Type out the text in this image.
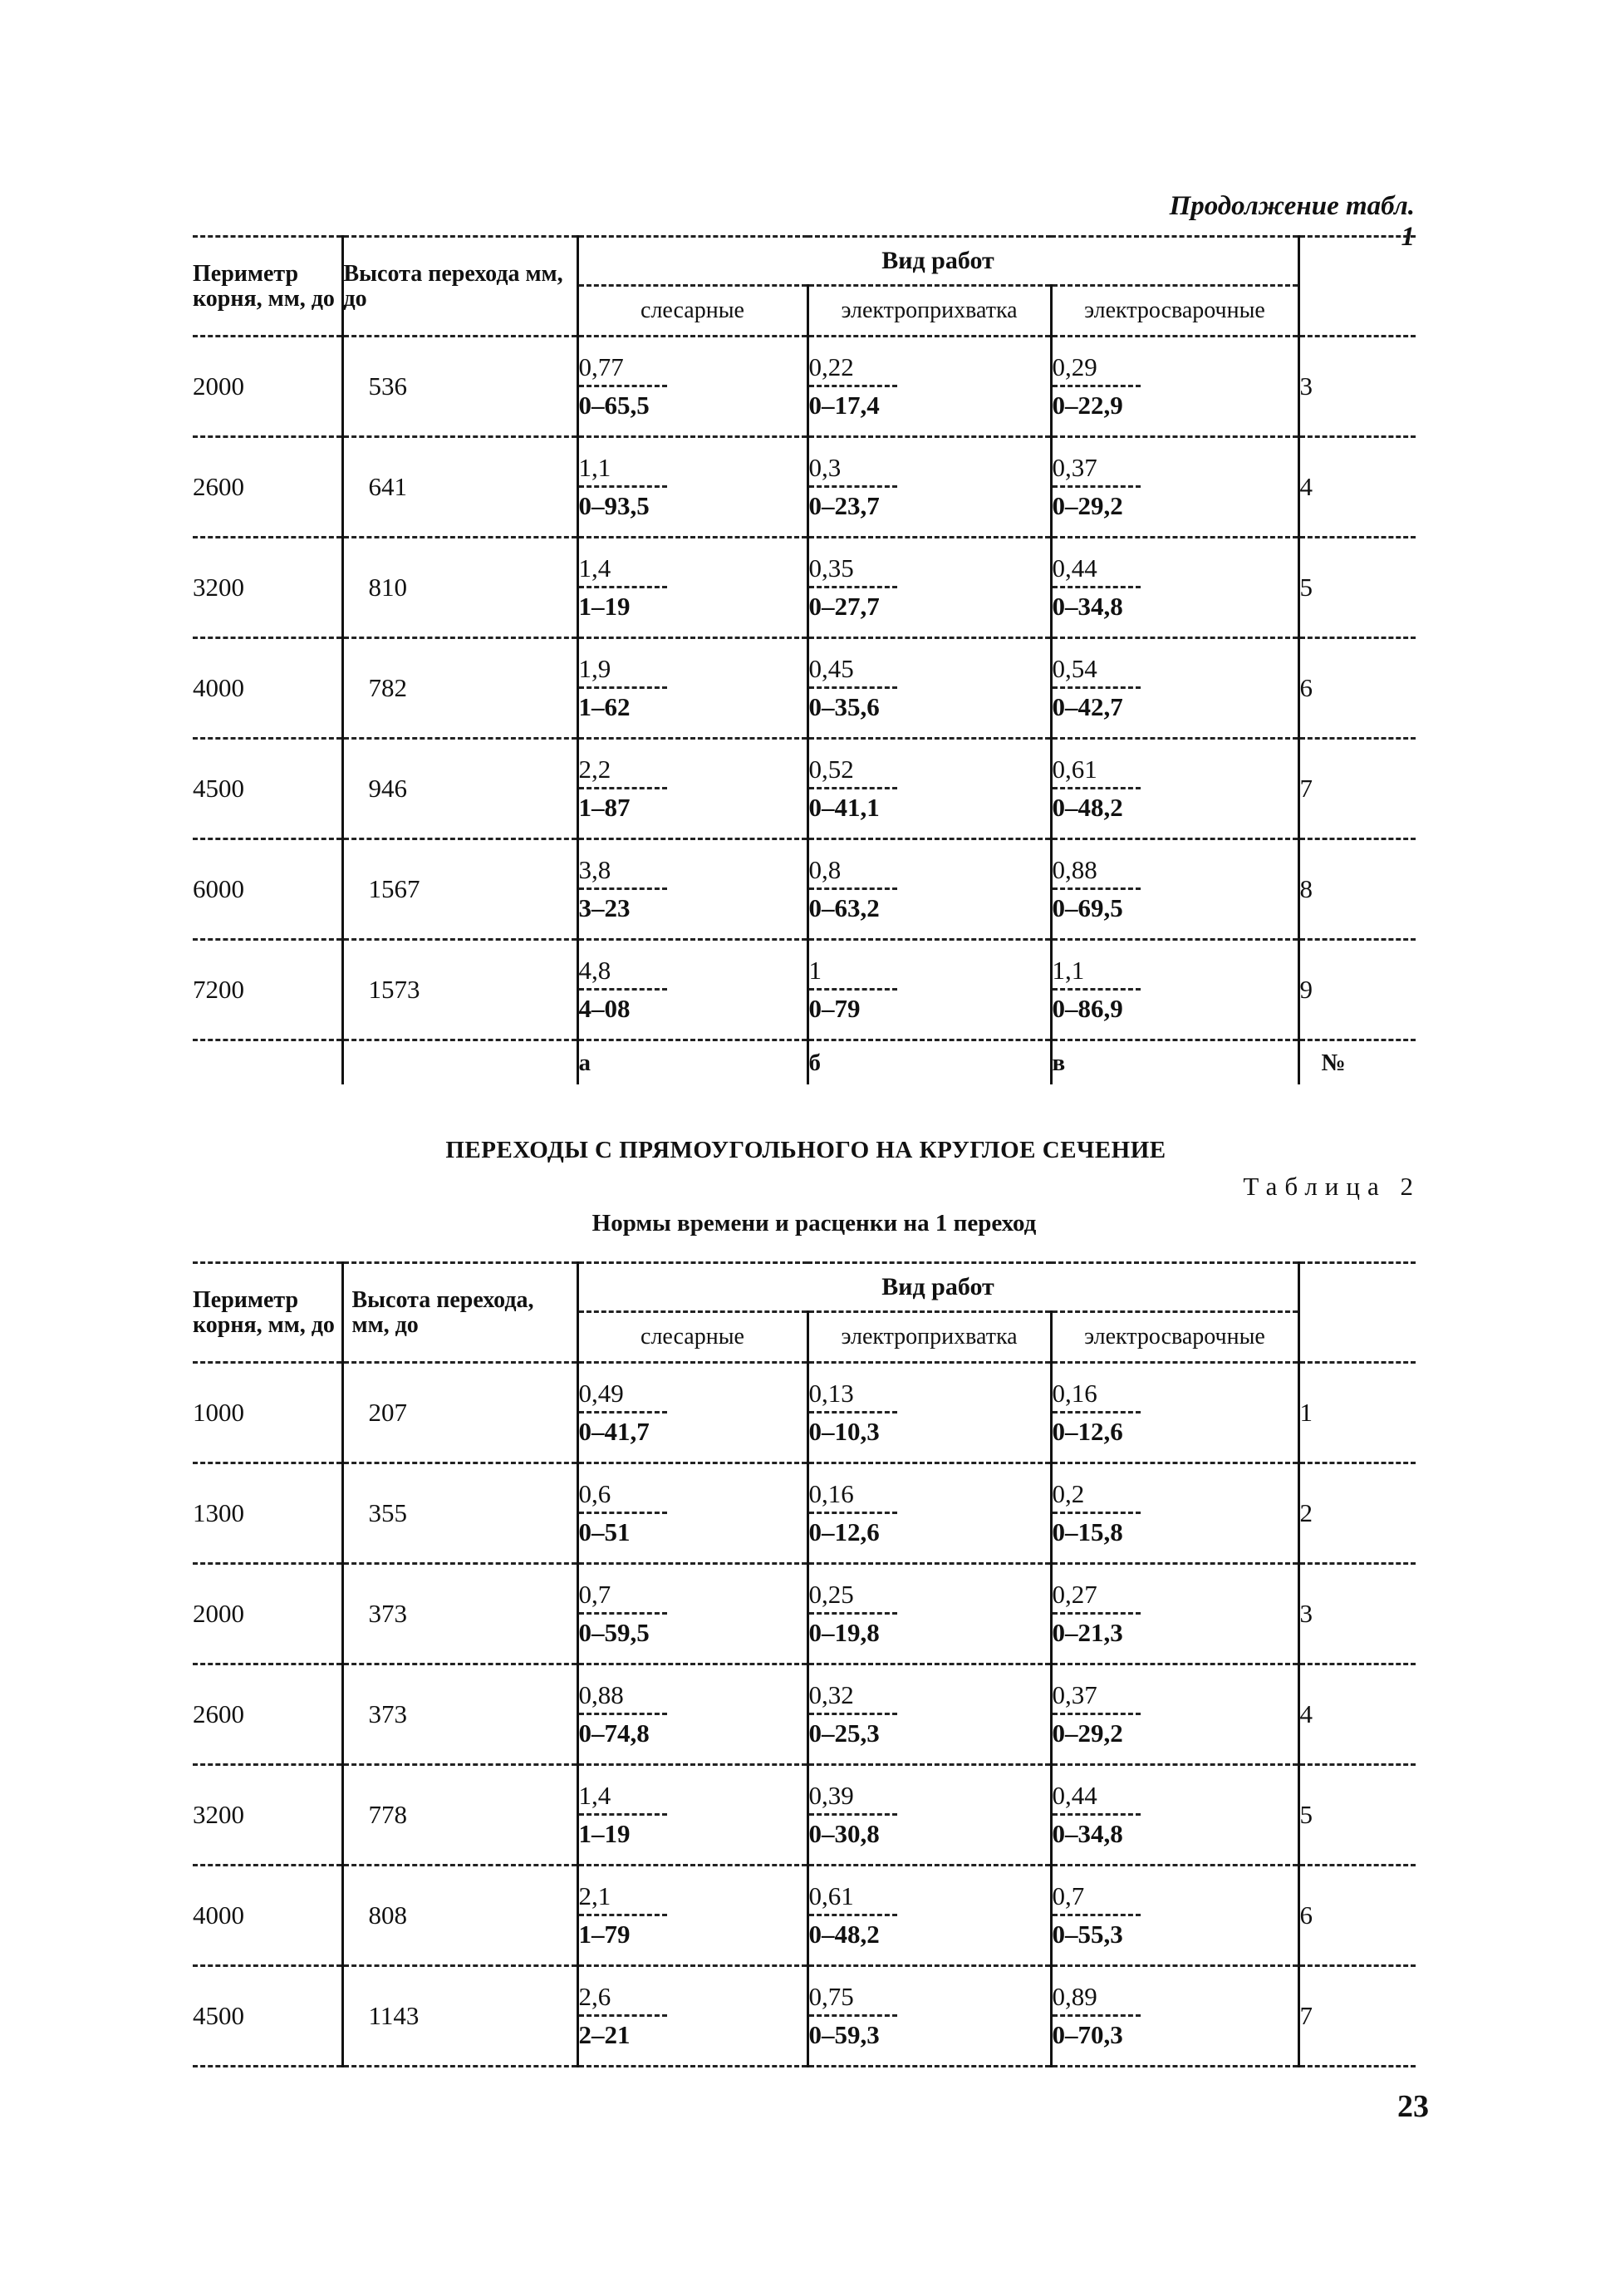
Продолжение табл. 1
Периметр корня, мм, до	Высота перехода мм, до	Вид работ			
		слесарные	электроприхватка	электросварочные	
2000	536	$\frac{0,77}{0-65,5}$	$\frac{0,22}{0-17,4}$	$\frac{0,29}{0-22,9}$	3
2600	641	$\frac{1,1}{0-93,5}$	$\frac{0,3}{0-23,7}$	$\frac{0,37}{0-29,2}$	4
3200	810	$\frac{1,4}{1-19}$	$\frac{0,35}{0-27,7}$	$\frac{0,44}{0-34,8}$	5
4000	782	$\frac{1,9}{1-62}$	$\frac{0,45}{0-35,6}$	$\frac{0,54}{0-42,7}$	6
4500	946	$\frac{2,2}{1-87}$	$\frac{0,52}{0-41,1}$	$\frac{0,61}{0-48,2}$	7
6000	1567	$\frac{3,8}{3-23}$	$\frac{0,8}{0-63,2}$	$\frac{0,88}{0-69,5}$	8
7200	1573	$\frac{4,8}{4-08}$	$\frac{1}{0-79}$	$\frac{1,1}{0-86,9}$	9
		а	б	в	№
ПЕРЕХОДЫ С ПРЯМОУГОЛЬНОГО НА КРУГЛОЕ СЕЧЕНИЕ
Таблица 2
Нормы времени и расценки на 1 переход
Периметр корня, мм, до	Высота перехода, мм, до	Вид работ			
		слесарные	электроприхватка	электросварочные	
1000	207	$\frac{0,49}{0-41,7}$	$\frac{0,13}{0-10,3}$	$\frac{0,16}{0-12,6}$	1
1300	355	$\frac{0,6}{0-51}$	$\frac{0,16}{0-12,6}$	$\frac{0,2}{0-15,8}$	2
2000	373	$\frac{0,7}{0-59,5}$	$\frac{0,25}{0-19,8}$	$\frac{0,27}{0-21,3}$	3
2600	373	$\frac{0,88}{0-74,8}$	$\frac{0,32}{0-25,3}$	$\frac{0,37}{0-29,2}$	4
3200	778	$\frac{1,4}{1-19}$	$\frac{0,39}{0-30,8}$	$\frac{0,44}{0-34,8}$	5
4000	808	$\frac{2,1}{1-79}$	$\frac{0,61}{0-48,2}$	$\frac{0,7}{0-55,3}$	6
4500	1143	$\frac{2,6}{2-21}$	$\frac{0,75}{0-59,3}$	$\frac{0,89}{0-70,3}$	7
23
